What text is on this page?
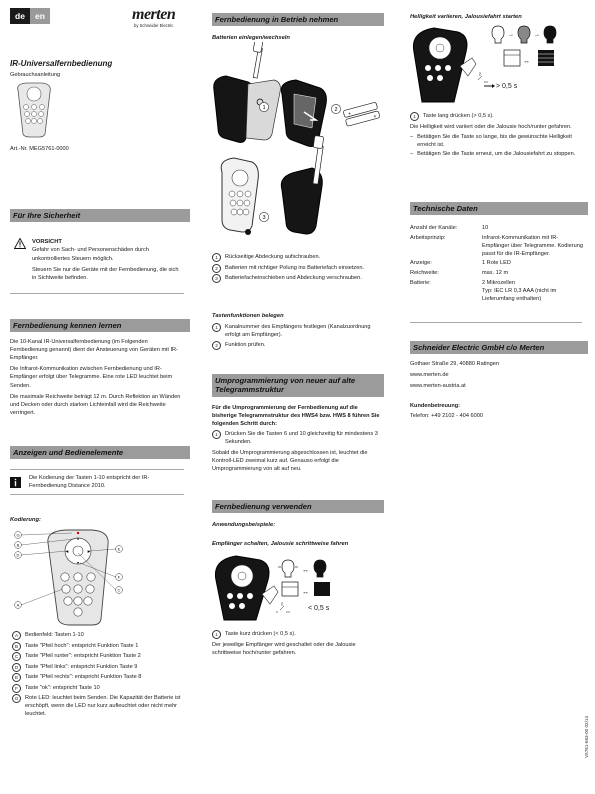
de	en	merten
by Schneider Electric
IR-Universalfernbedienung
Gebrauchsanleitung
Art.-Nr. MEG5761-0000
Für Ihre Sicherheit
VORSICHT

Gefahr von Sach- und Personenschäden durch unkontrolliertes Steuern möglich.

Steuern Sie nur die Geräte mit der Fernbedienung, die sich in Sichtweite befinden.

Fernbedienung kennen lernen

Die 10-Kanal IR-Universalfernbedienung (im Folgenden Fernbedienung genannt) dient der Ansteuerung von Geräten mit IR-Empfänger.

Die Infrarot-Kommunikation zwischen Fernbedienung und IR-Empfänger erfolgt über Telegramme. Eine rote LED leuchtet beim Senden.

Die maximale Reichweite beträgt 12 m. Durch Reflektion an Wänden und Decken oder durch starken Lichteinfall wird die Reichweite verringert.

Anzeigen und Bedienelemente

Die Kodierung der Tasten 1-10 entspricht der IR-Fernbedienung Distance 2010.

Kodierung:
▲
▼
◀	▶
G
B
D
E
F
C
A
A	Bedienfeld: Tasten 1-10
B	Taste "Pfeil hoch": entspricht Funktion Taste 1
C	Taste "Pfeil runter": entspricht Funktion Taste 2
D	Taste "Pfeil links": entspricht Funktion Taste 9
E	Taste "Pfeil rechts": entspricht Funktion Taste 8
F	Taste "ok": entspricht Taste 10
G	Rote LED: leuchtet beim Senden. Die Kapazität der Batterie ist erschöpft, wenn die LED nur kurz aufleuchtet oder nicht mehr leuchtet.
Fernbedienung in Betrieb nehmen
Batterien einlegen/wechseln
1	2
+	+
3
1	Rückseitige Abdeckung aufschrauben.
2	Batterien mit richtiger Polung ins Batteriefach einsetzen.
3	Batteriefacheinschieben und Abdeckung verschrauben.
Tastenfunktionen belegen
1	Kanalnummer des Empfängers festlegen (Kanalzuordnung erfolgt am Empfänger).
2	Funktion prüfen.
Umprogrammierung von neuer auf alte Telegrammstruktur

Für die Umprogrammierung der Fernbedienung auf die bisherige Telegrammstruktur des HWS4 bzw. HWS 8 führen Sie folgenden Schritt durch:

1	Drücken Sie die Tasten 6 und 10 gleichzeitig für mindestens 3 Sekunden.

Sobald die Umprogrammierung abgeschlossen ist, leuchtet die Kontroll-LED zweimal kurz auf. Genauso erfolgt die Umprogrammierung von alt auf neu.

Fernbedienung verwenden
Anwendungsbeispiele:
Empfänger schalten, Jalousie schrittweise fahren
↔
↔
< 0,5 s
1	Taste kurz drücken (< 0,5 s).

Der jeweilige Empfänger wird geschaltet oder die Jalousie schrittweise hoch/runter gefahren.

Helligkeit variieren, Jalousiefahrt starten
→	→
↔
> 0,5 s
1	Taste lang drücken (> 0,5 s).

Die Helligkeit wird variiert oder die Jalousie hoch/runter gefahren.

– Betätigen Sie die Taste so lange, bis die gewünschte Helligkeit erreicht ist.
– Betätigen Sie die Taste erneut, um die Jalousiefahrt zu stoppen.
Technische Daten
Anzahl der Kanäle:	10
Arbeitsprinzip:	Infrarot-Kommunikation mit IR-Empfänger über Telegramme. Kodierung passt für die IR-Empfänger.
Anzeige:	1 Rote LED
Reichweite:	max. 12 m
Batterie:	2 Mikrozellen
Typ: IEC LR 0,3 AAA (nicht im Lieferumfang enthalten)
Schneider Electric GmbH c/o Merten

Gothaer Straße 29, 40880 Ratingen

www.merten.de

www.merten-austria.at

Kundenbetreuung:

Telefon: +49 2102 - 404 6000

V5761-563-00 02/14
